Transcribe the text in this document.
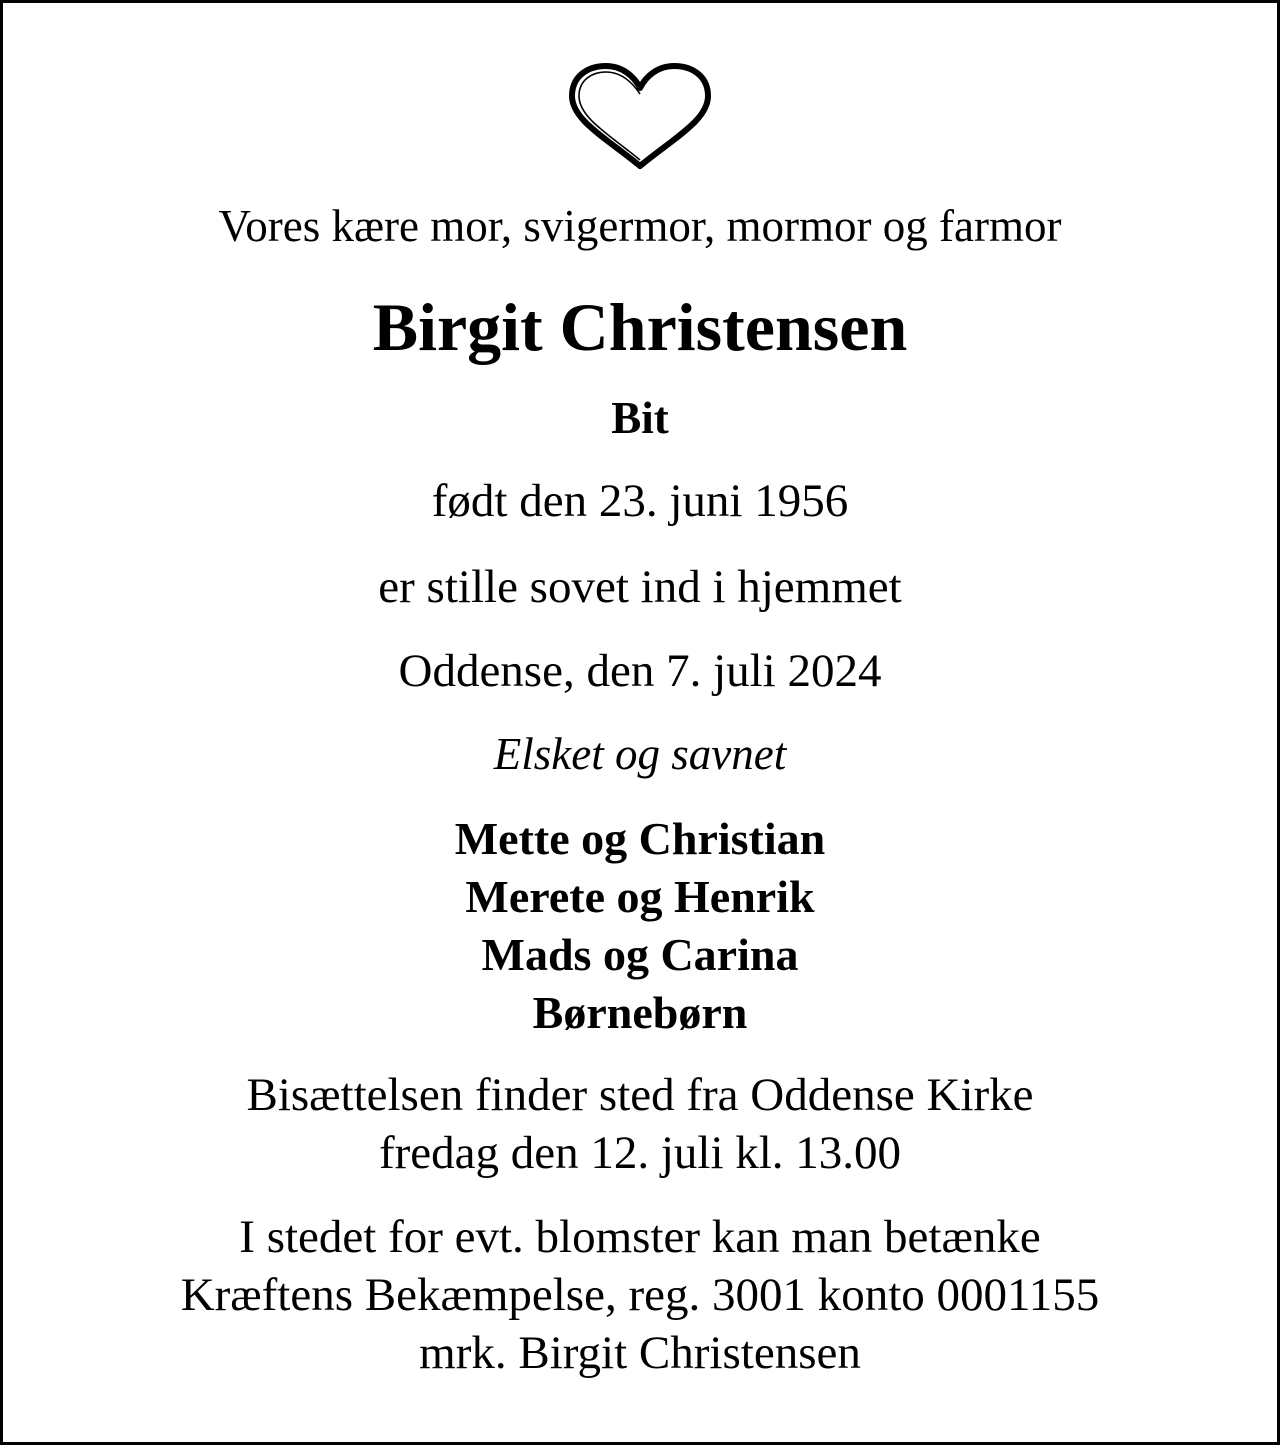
Vores kære mor, svigermor, mormor og farmor
Birgit Christensen
Bit
født den 23. juni 1956
er stille sovet ind i hjemmet
Oddense, den 7. juli 2024
Elsket og savnet
Mette og Christian
Merete og Henrik
Mads og Carina
Børnebørn
Bisættelsen finder sted fra Oddense Kirke
fredag den 12. juli kl. 13.00
I stedet for evt. blomster kan man betænke
Kræftens Bekæmpelse, reg. 3001 konto 0001155
mrk. Birgit Christensen
